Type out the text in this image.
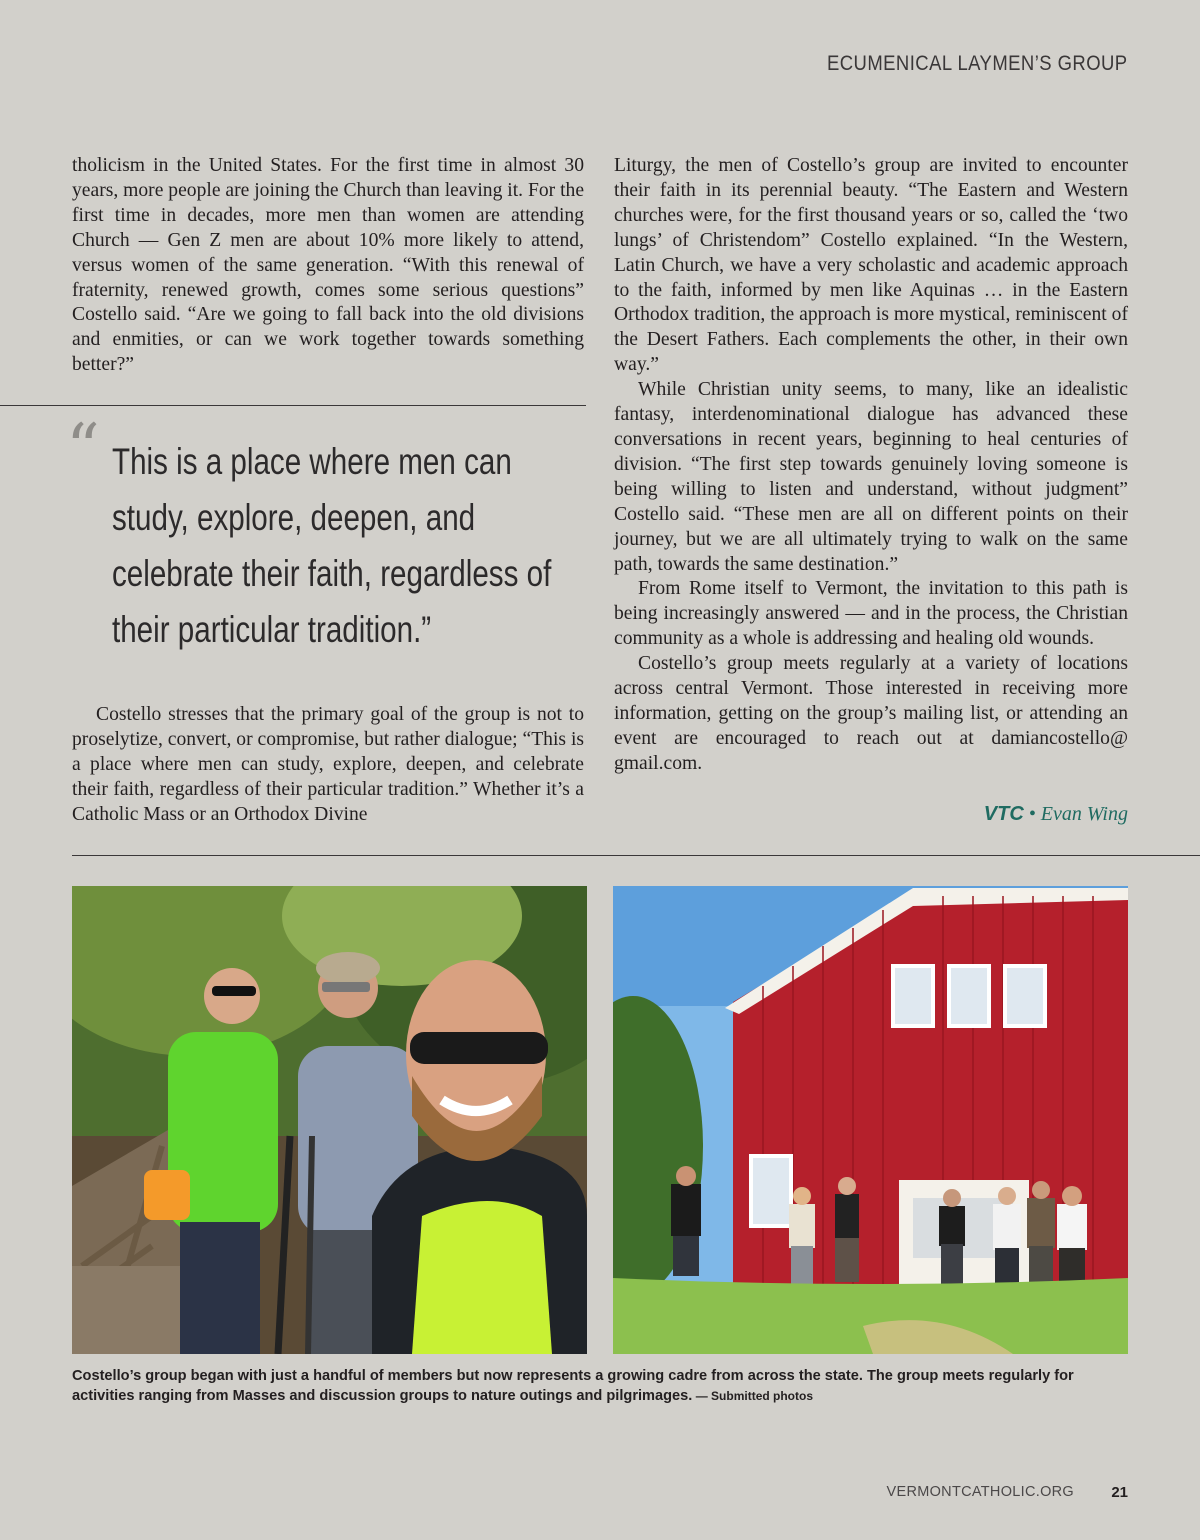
ECUMENICAL LAYMEN’S GROUP

tholicism in the United States. For the first time in almost 30 years, more people are joining the Church than leaving it. For the first time in decades, more men than women are attending Church — Gen Z men are about 10% more likely to attend, versus women of the same generation. “With this renewal of fraternity, renewed growth, comes some serious questions” Costello said. “Are we going to fall back into the old divisions and enmities, or can we work together towards something better?”

“ This is a place where men can study, explore, deepen, and celebrate their faith, regardless of their particular tradition.”

Costello stresses that the primary goal of the group is not to proselytize, convert, or compromise, but rather dialogue; “This is a place where men can study, explore, deepen, and celebrate their faith, regardless of their particular tradition.” Whether it’s a Catholic Mass or an Orthodox Divine

Liturgy, the men of Costello’s group are invited to encounter their faith in its perennial beauty. “The Eastern and Western churches were, for the first thousand years or so, called the ‘two lungs’ of Christendom” Costello explained. “In the Western, Latin Church, we have a very scholastic and academic approach to the faith, informed by men like Aquinas … in the Eastern Orthodox tradition, the approach is more mystical, reminiscent of the Desert Fathers. Each complements the other, in their own way.”

While Christian unity seems, to many, like an idealistic fantasy, interdenominational dialogue has advanced these conversations in recent years, beginning to heal centuries of division. “The first step towards genuinely loving someone is being willing to listen and understand, without judgment” Costello said. “These men are all on different points on their journey, but we are all ultimately trying to walk on the same path, towards the same destination.”

From Rome itself to Vermont, the invitation to this path is being increasingly answered — and in the process, the Christian community as a whole is addressing and healing old wounds.

Costello’s group meets regularly at a variety of locations across central Vermont. Those interested in receiving more information, getting on the group’s mailing list, or attending an event are encouraged to reach out at damiancostello@ gmail.com.

VTC • Evan Wing
Costello’s group began with just a handful of members but now represents a growing cadre from across the state. The group meets regularly for activities ranging from Masses and discussion groups to nature outings and pilgrimages. — Submitted photos
VERMONTCATHOLIC.ORG 21
